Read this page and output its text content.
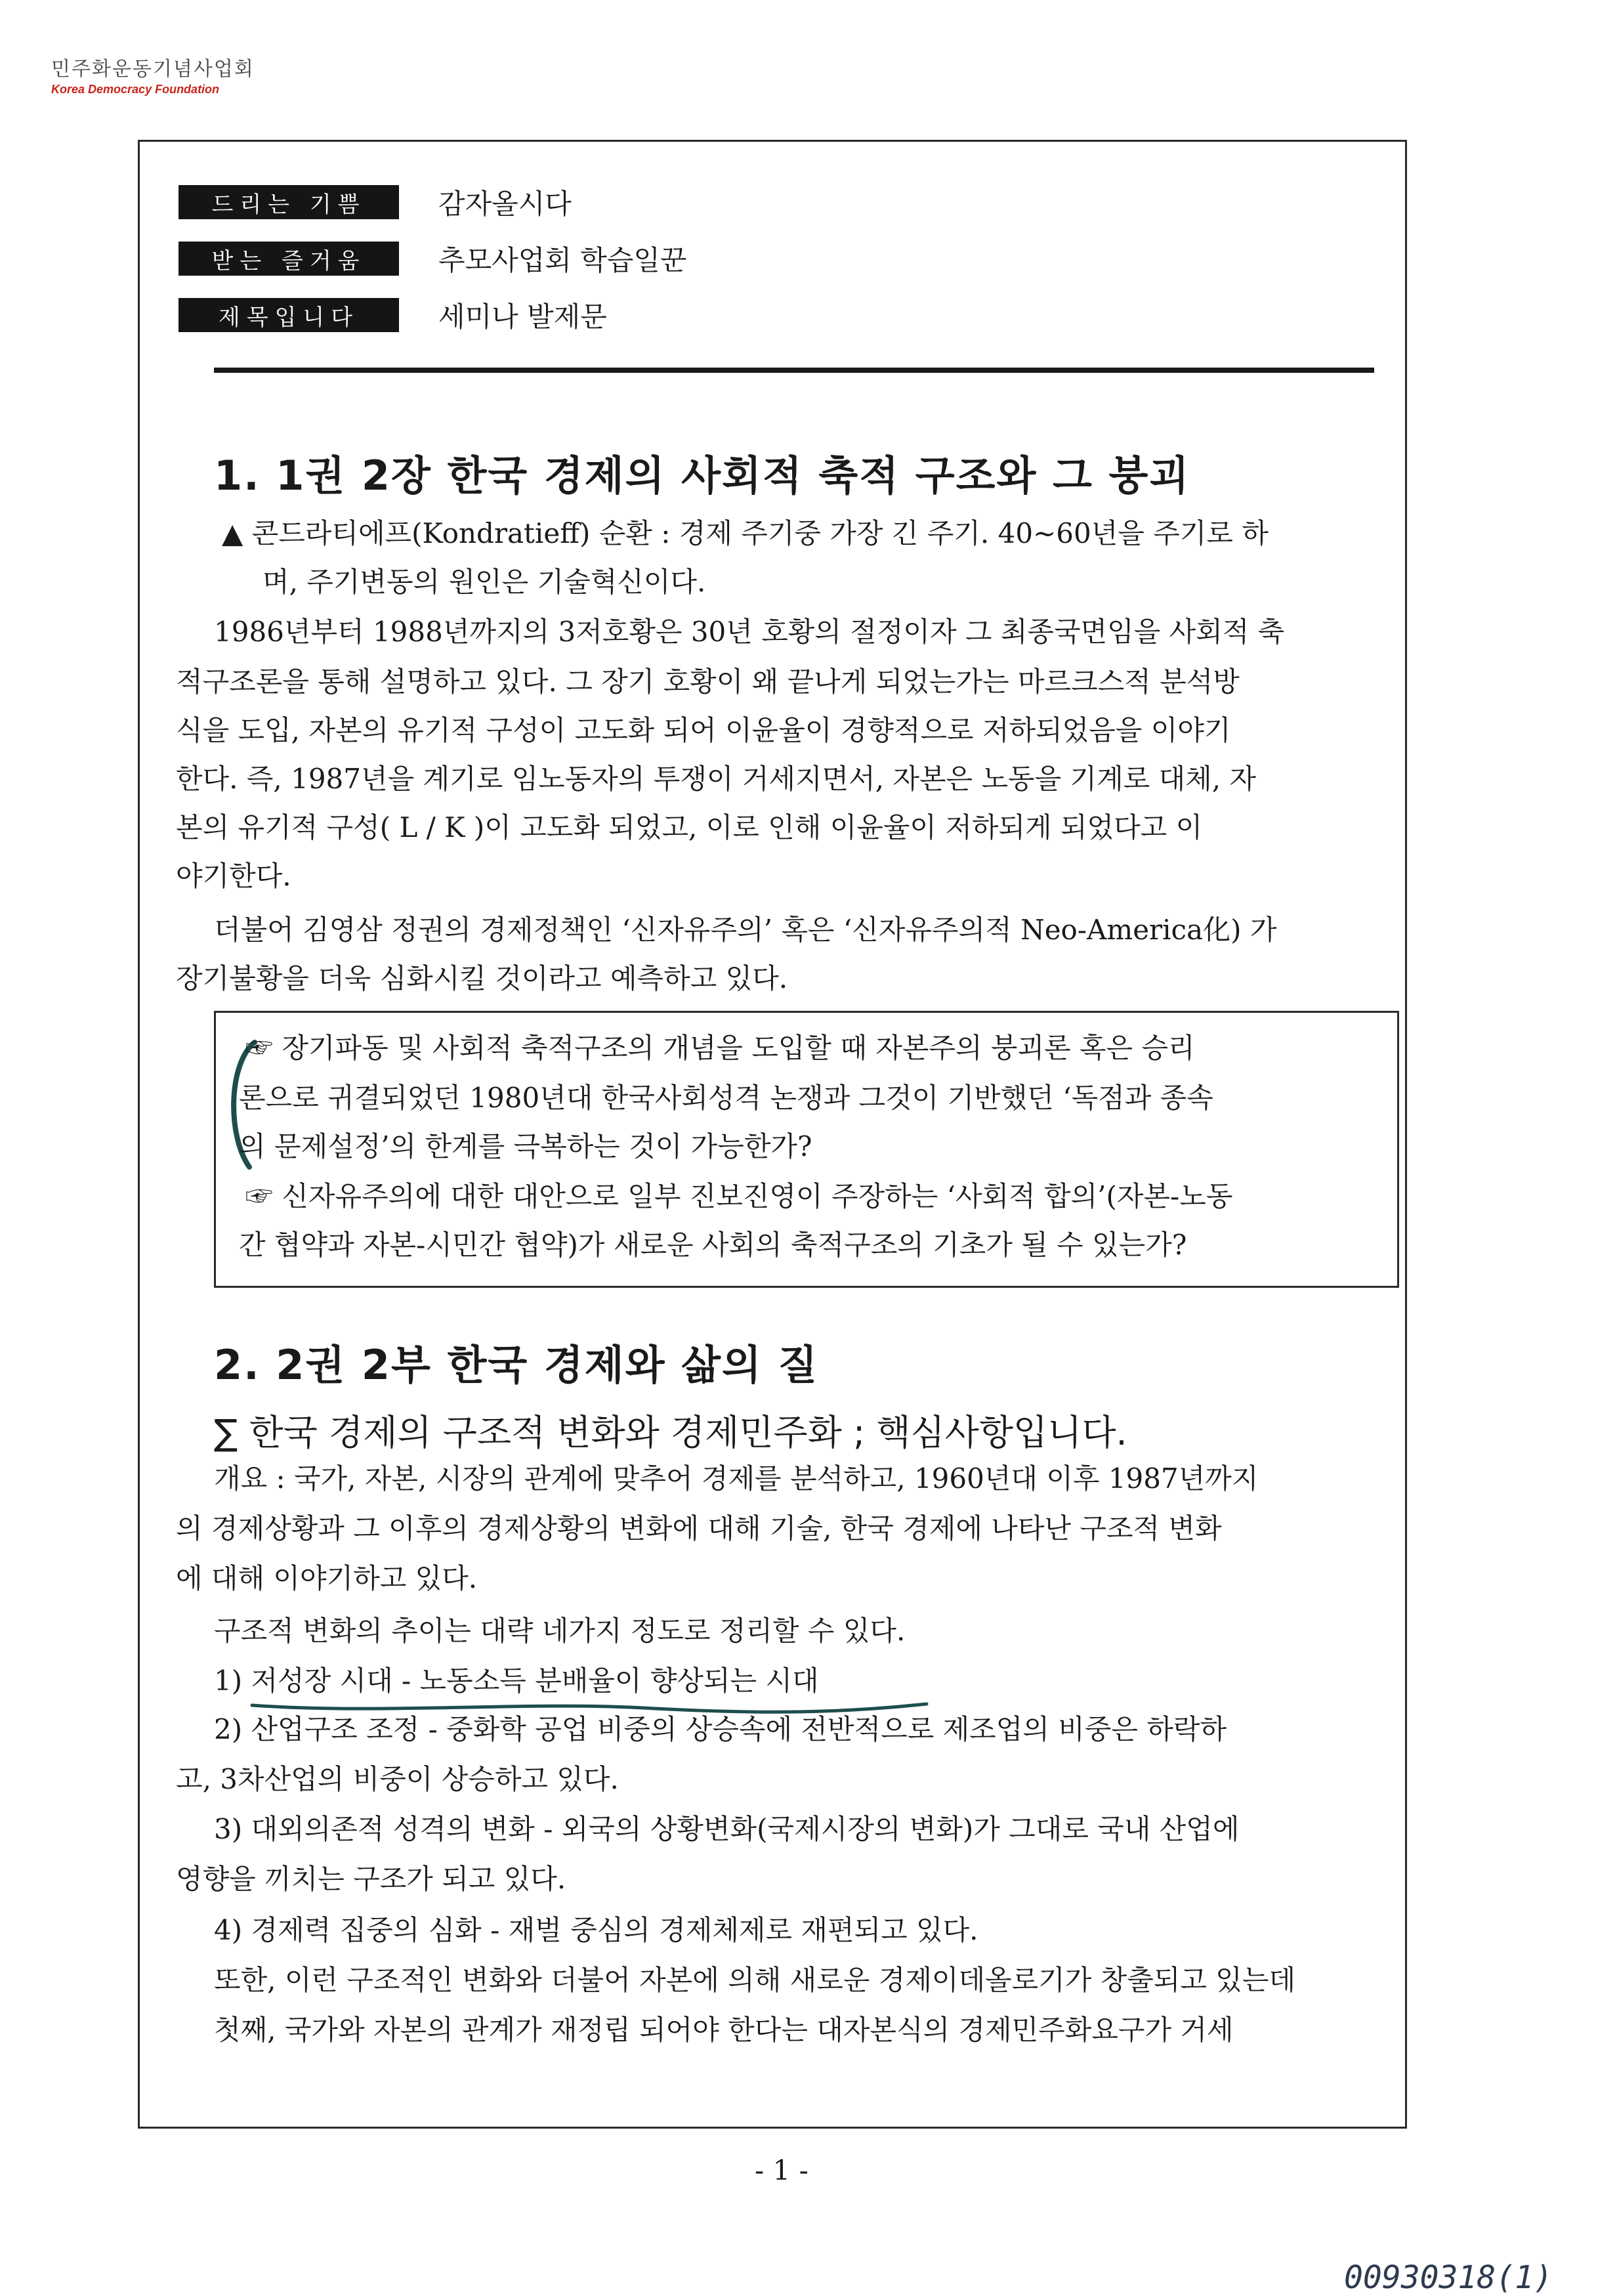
민주화운동기념사업회
Korea Democracy Foundation
드리는 기쁨	감자올시다
받는 즐거움	추모사업회 학습일꾼
제목입니다	세미나 발제문
1. 1권 2장 한국 경제의 사회적 축적 구조와 그 붕괴
▲ 콘드라티에프(Kondratieff) 순환 : 경제 주기중 가장 긴 주기. 40~60년을 주기로 하
며, 주기변동의 원인은 기술혁신이다.
1986년부터 1988년까지의 3저호황은 30년 호황의 절정이자 그 최종국면임을 사회적 축
적구조론을 통해 설명하고 있다. 그 장기 호황이 왜 끝나게 되었는가는 마르크스적 분석방
식을 도입, 자본의 유기적 구성이 고도화 되어 이윤율이 경향적으로 저하되었음을 이야기
한다. 즉, 1987년을 계기로 임노동자의 투쟁이 거세지면서, 자본은 노동을 기계로 대체, 자
본의 유기적 구성( L / K )이 고도화 되었고, 이로 인해 이윤율이 저하되게 되었다고 이
야기한다.
더불어 김영삼 정권의 경제정책인 ‘신자유주의’ 혹은 ‘신자유주의적 Neo-America化) 가
장기불황을 더욱 심화시킬 것이라고 예측하고 있다.
☞ 장기파동 및 사회적 축적구조의 개념을 도입할 때 자본주의 붕괴론 혹은 승리
론으로 귀결되었던 1980년대 한국사회성격 논쟁과 그것이 기반했던 ‘독점과 종속
의 문제설정’의 한계를 극복하는 것이 가능한가?
☞ 신자유주의에 대한 대안으로 일부 진보진영이 주장하는 ‘사회적 합의’(자본-노동
간 협약과 자본-시민간 협약)가 새로운 사회의 축적구조의 기초가 될 수 있는가?
2. 2권 2부 한국 경제와 삶의 질
∑ 한국 경제의 구조적 변화와 경제민주화 ; 핵심사항입니다.
개요 : 국가, 자본, 시장의 관계에 맞추어 경제를 분석하고, 1960년대 이후 1987년까지
의 경제상황과 그 이후의 경제상황의 변화에 대해 기술, 한국 경제에 나타난 구조적 변화
에 대해 이야기하고 있다.
구조적 변화의 추이는 대략 네가지 정도로 정리할 수 있다.
1) 저성장 시대 - 노동소득 분배율이 향상되는 시대
2) 산업구조 조정 - 중화학 공업 비중의 상승속에 전반적으로 제조업의 비중은 하락하
고, 3차산업의 비중이 상승하고 있다.
3) 대외의존적 성격의 변화 - 외국의 상황변화(국제시장의 변화)가 그대로 국내 산업에
영향을 끼치는 구조가 되고 있다.
4) 경제력 집중의 심화 - 재벌 중심의 경제체제로 재편되고 있다.
또한, 이런 구조적인 변화와 더불어 자본에 의해 새로운 경제이데올로기가 창출되고 있는데
첫째, 국가와 자본의 관계가 재정립 되어야 한다는 대자본식의 경제민주화요구가 거세
- 1 -
00930318(1)
